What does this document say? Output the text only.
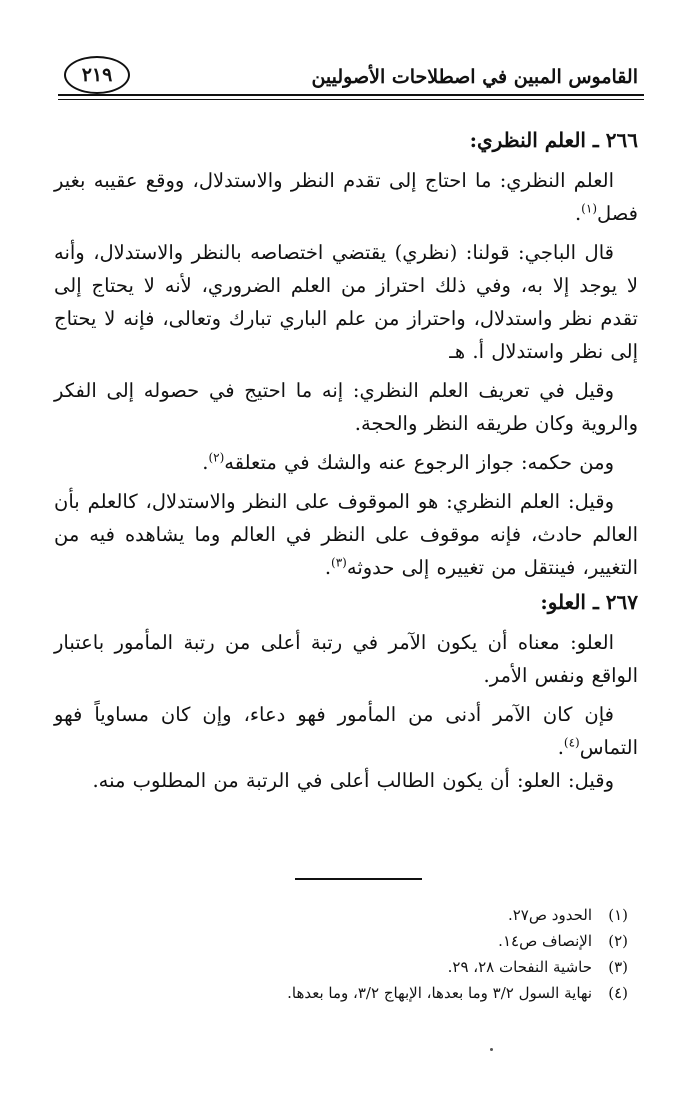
القاموس المبين في اصطلاحات الأصوليين
٢١٩
٢٦٦ ـ العلم النظري:

العلم النظري: ما احتاج إلى تقدم النظر والاستدلال، ووقع عقيبه بغير فصل$^{(١)}$.

قال الباجي: قولنا: (نظري) يقتضي اختصاصه بالنظر والاستدلال، وأنه لا يوجد إلا به، وفي ذلك احتراز من العلم الضروري، لأنه لا يحتاج إلى تقدم نظر واستدلال، واحتراز من علم الباري تبارك وتعالى، فإنه لا يحتاج إلى نظر واستدلال أ. هـ

وقيل في تعريف العلم النظري: إنه ما احتيج في حصوله إلى الفكر والروية وكان طريقه النظر والحجة.

ومن حكمه: جواز الرجوع عنه والشك في متعلقه$^{(٢)}$.

وقيل: العلم النظري: هو الموقوف على النظر والاستدلال، كالعلم بأن العالم حادث، فإنه موقوف على النظر في العالم وما يشاهده فيه من التغيير، فينتقل من تغييره إلى حدوثه$^{(٣)}$.

٢٦٧ ـ العلو:

العلو: معناه أن يكون الآمر في رتبة أعلى من رتبة المأمور باعتبار الواقع ونفس الأمر.

فإن كان الآمر أدنى من المأمور فهو دعاء، وإن كان مساوياً فهو التماس$^{(٤)}$.

وقيل: العلو: أن يكون الطالب أعلى في الرتبة من المطلوب منه.

(١)
الحدود ص٢٧.
(٢)
الإنصاف ص١٤.
(٣)
حاشية النفحات ٢٨، ٢٩.
(٤)
نهاية السول ٣/٢ وما بعدها، الإبهاج ٣/٢، وما بعدها.
